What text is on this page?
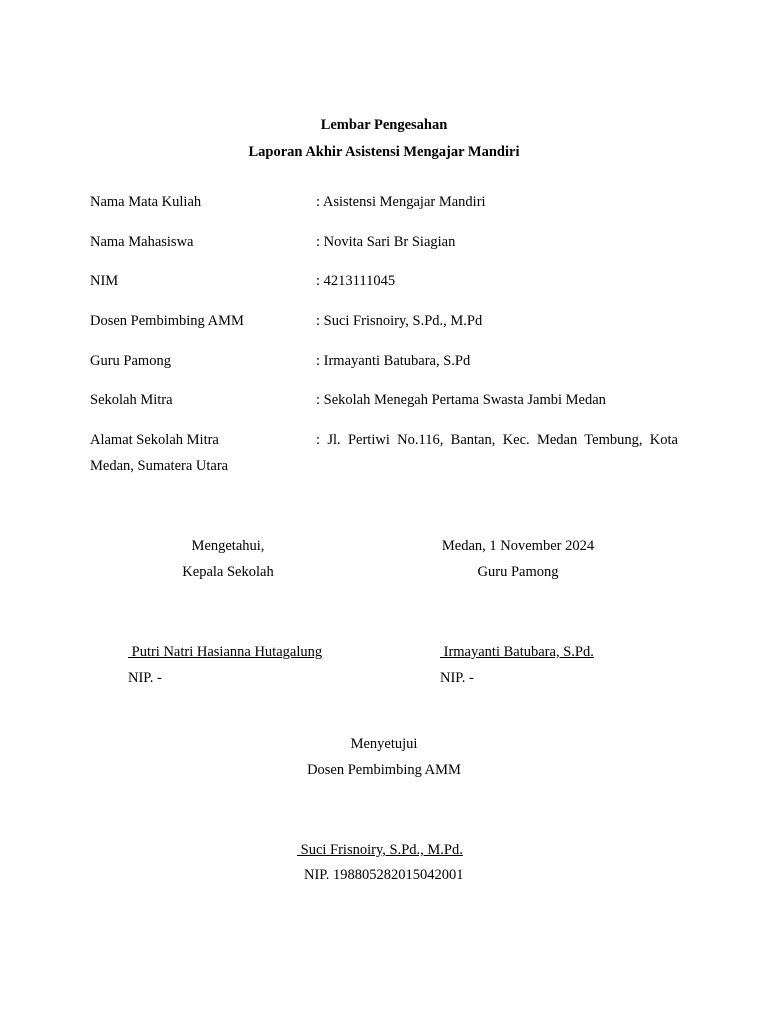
Lembar Pengesahan
Laporan Akhir Asistensi Mengajar Mandiri
Nama Mata Kuliah	: Asistensi Mengajar Mandiri
Nama Mahasiswa	: Novita Sari Br Siagian
NIM	: 4213111045
Dosen Pembimbing AMM	: Suci Frisnoiry, S.Pd., M.Pd
Guru Pamong	: Irmayanti Batubara, S.Pd
Sekolah Mitra	: Sekolah Menegah Pertama Swasta Jambi Medan
Alamat Sekolah Mitra	: Jl. Pertiwi No.116, Bantan, Kec. Medan Tembung, Kota
Medan, Sumatera Utara
Mengetahui,
Kepala Sekolah
Putri Natri Hasianna Hutagalung
NIP. -
Medan, 1 November 2024
Guru Pamong
Irmayanti Batubara, S.Pd.
NIP. -
Menyetujui
Dosen Pembimbing AMM
Suci Frisnoiry, S.Pd., M.Pd.
NIP. 198805282015042001
